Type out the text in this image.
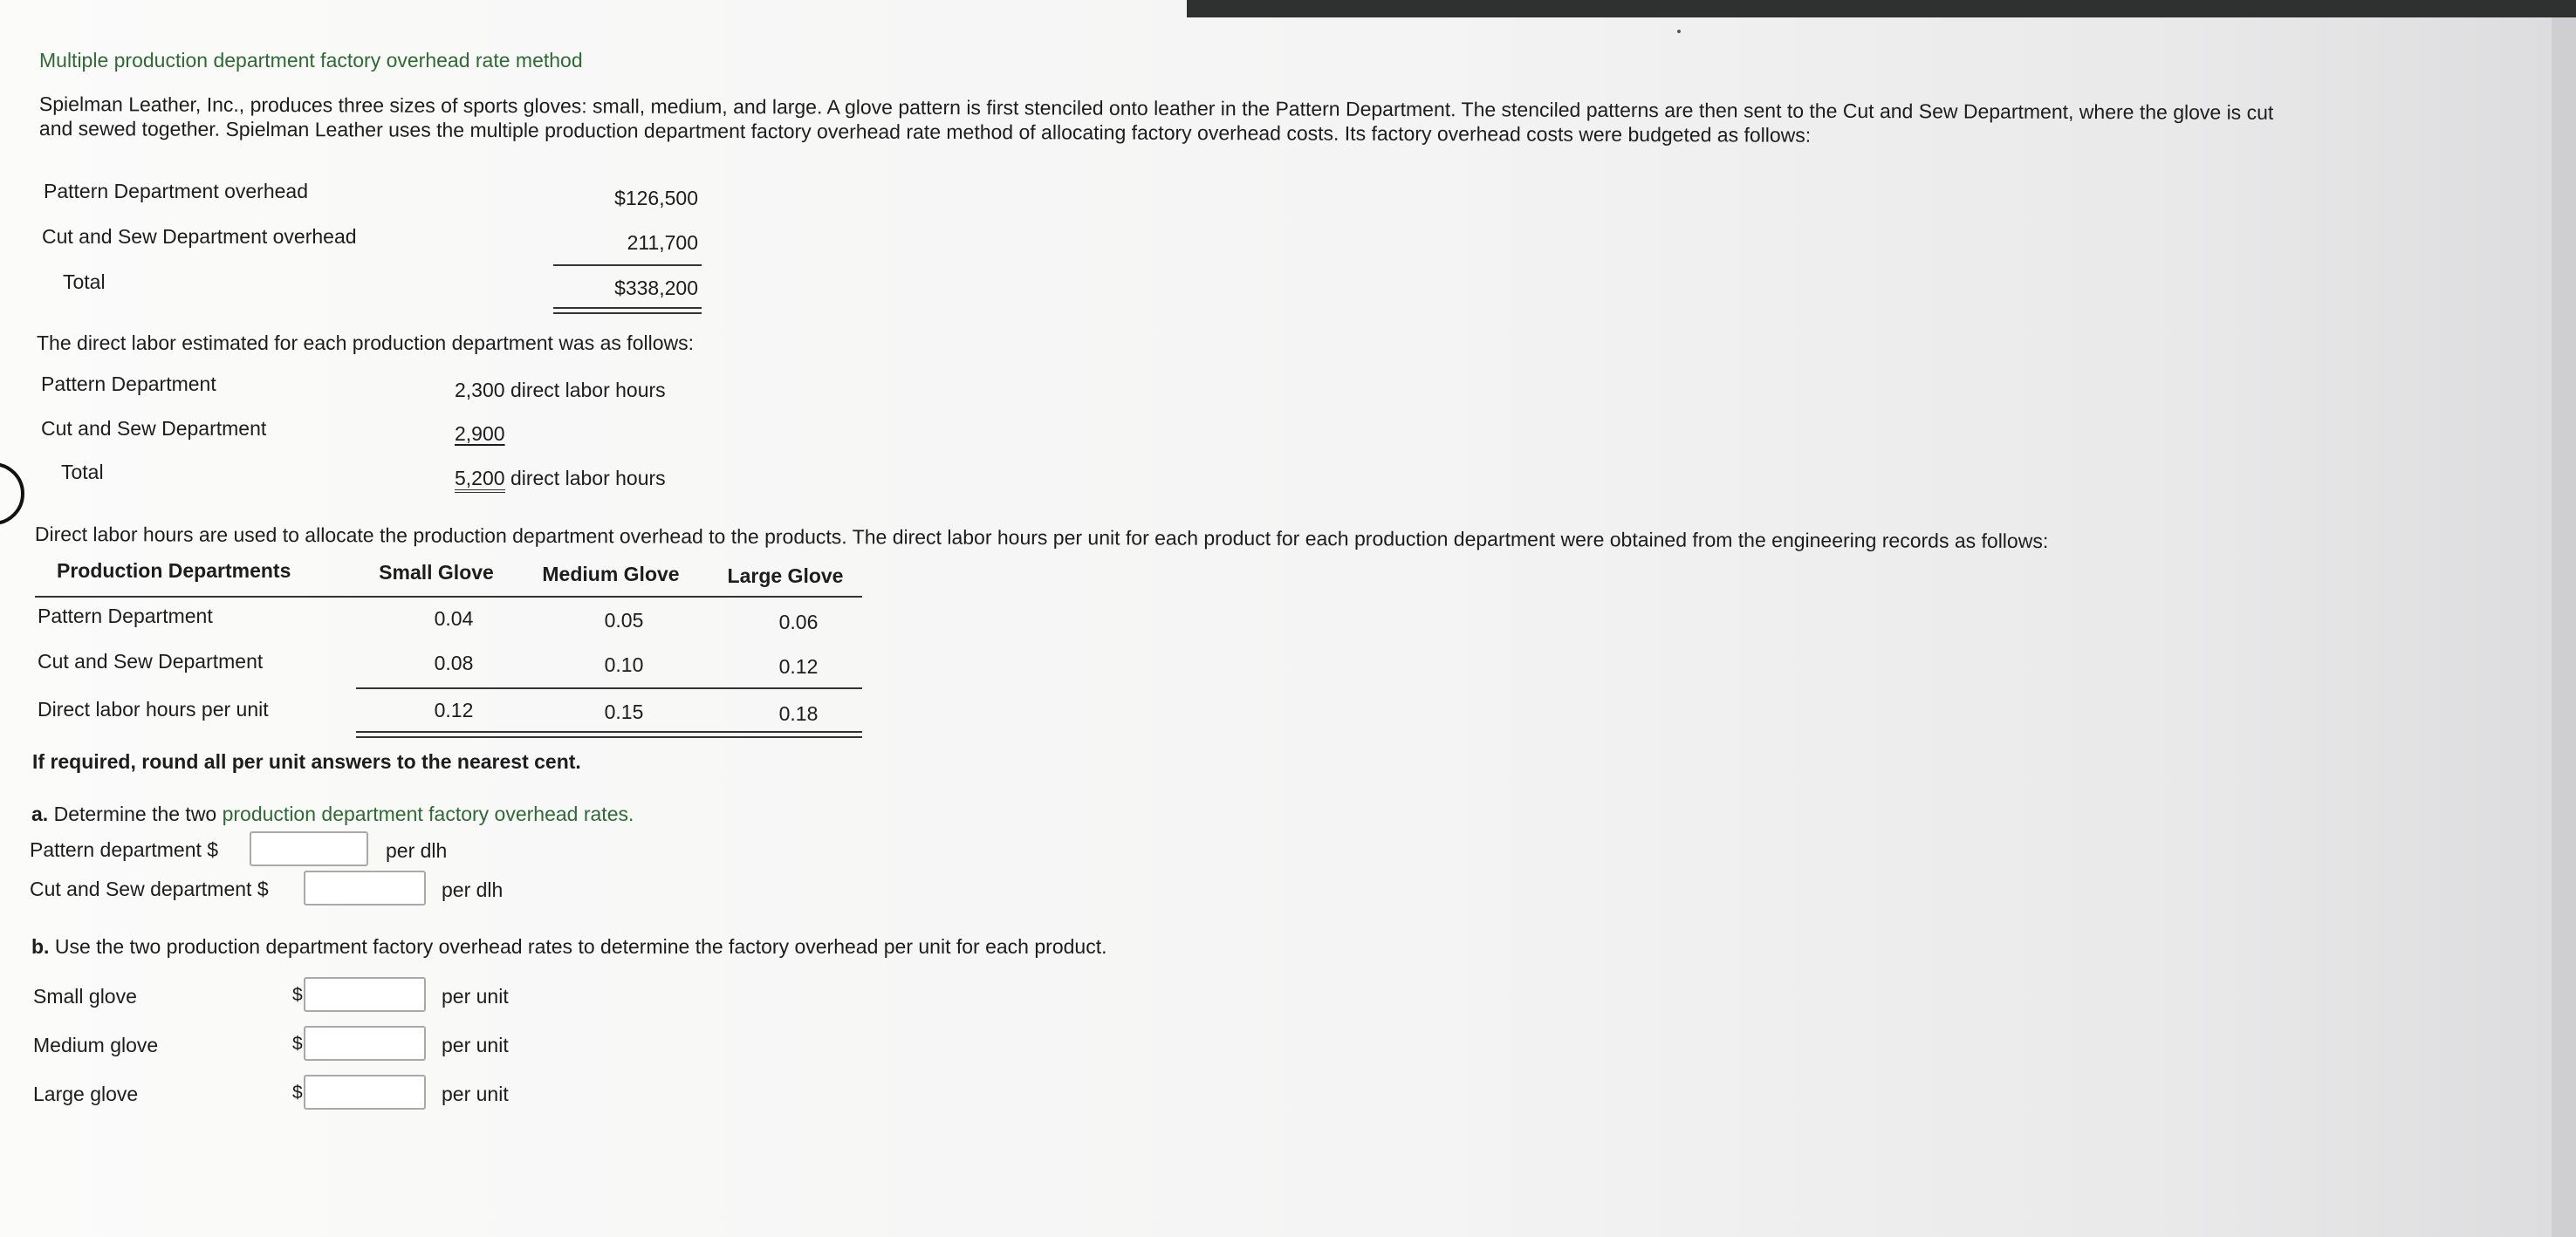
Multiple production department factory overhead rate method
Spielman Leather, Inc., produces three sizes of sports gloves: small, medium, and large. A glove pattern is first stenciled onto leather in the Pattern Department. The stenciled patterns are then sent to the Cut and Sew Department, where the glove is cut
and sewed together. Spielman Leather uses the multiple production department factory overhead rate method of allocating factory overhead costs. Its factory overhead costs were budgeted as follows:
Pattern Department overhead	$126,500
Cut and Sew Department overhead	211,700
Total	$338,200
The direct labor estimated for each production department was as follows:
Pattern Department	2,300 direct labor hours
Cut and Sew Department	2,900
Total	5,200 direct labor hours
Direct labor hours are used to allocate the production department overhead to the products. The direct labor hours per unit for each product for each production department were obtained from the engineering records as follows:
Production Departments	Small Glove	Medium Glove	Large Glove
Pattern Department	0.04	0.05	0.06
Cut and Sew Department	0.08	0.10	0.12
Direct labor hours per unit	0.12	0.15	0.18
If required, round all per unit answers to the nearest cent.
a. Determine the two production department factory overhead rates.
Pattern department $	per dlh
Cut and Sew department $	per dlh
b. Use the two production department factory overhead rates to determine the factory overhead per unit for each product.
Small glove	$	per unit
Medium glove	$	per unit
Large glove	$	per unit
